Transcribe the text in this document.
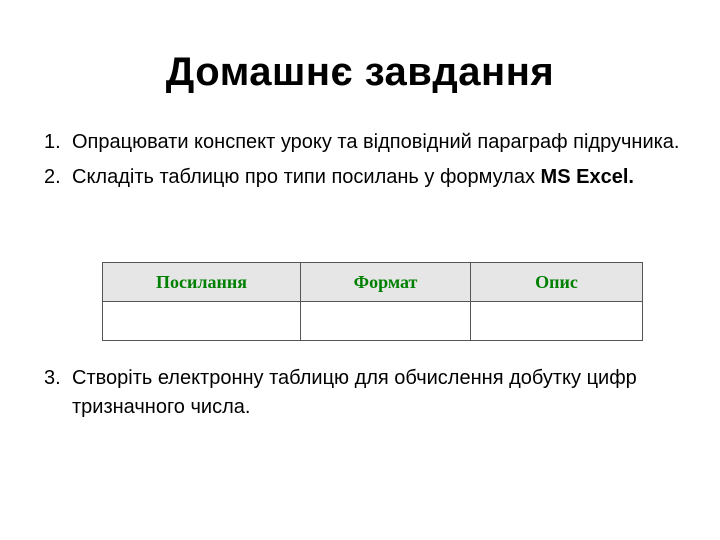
Домашнє завдання
1. Опрацювати конспект уроку та відповідний параграф підручника.
2. Складіть таблицю про типи посилань у формулах MS Excel.
Посилання	Формат	Опис

3. Створіть електронну таблицю для обчислення добутку цифр тризначного числа.
